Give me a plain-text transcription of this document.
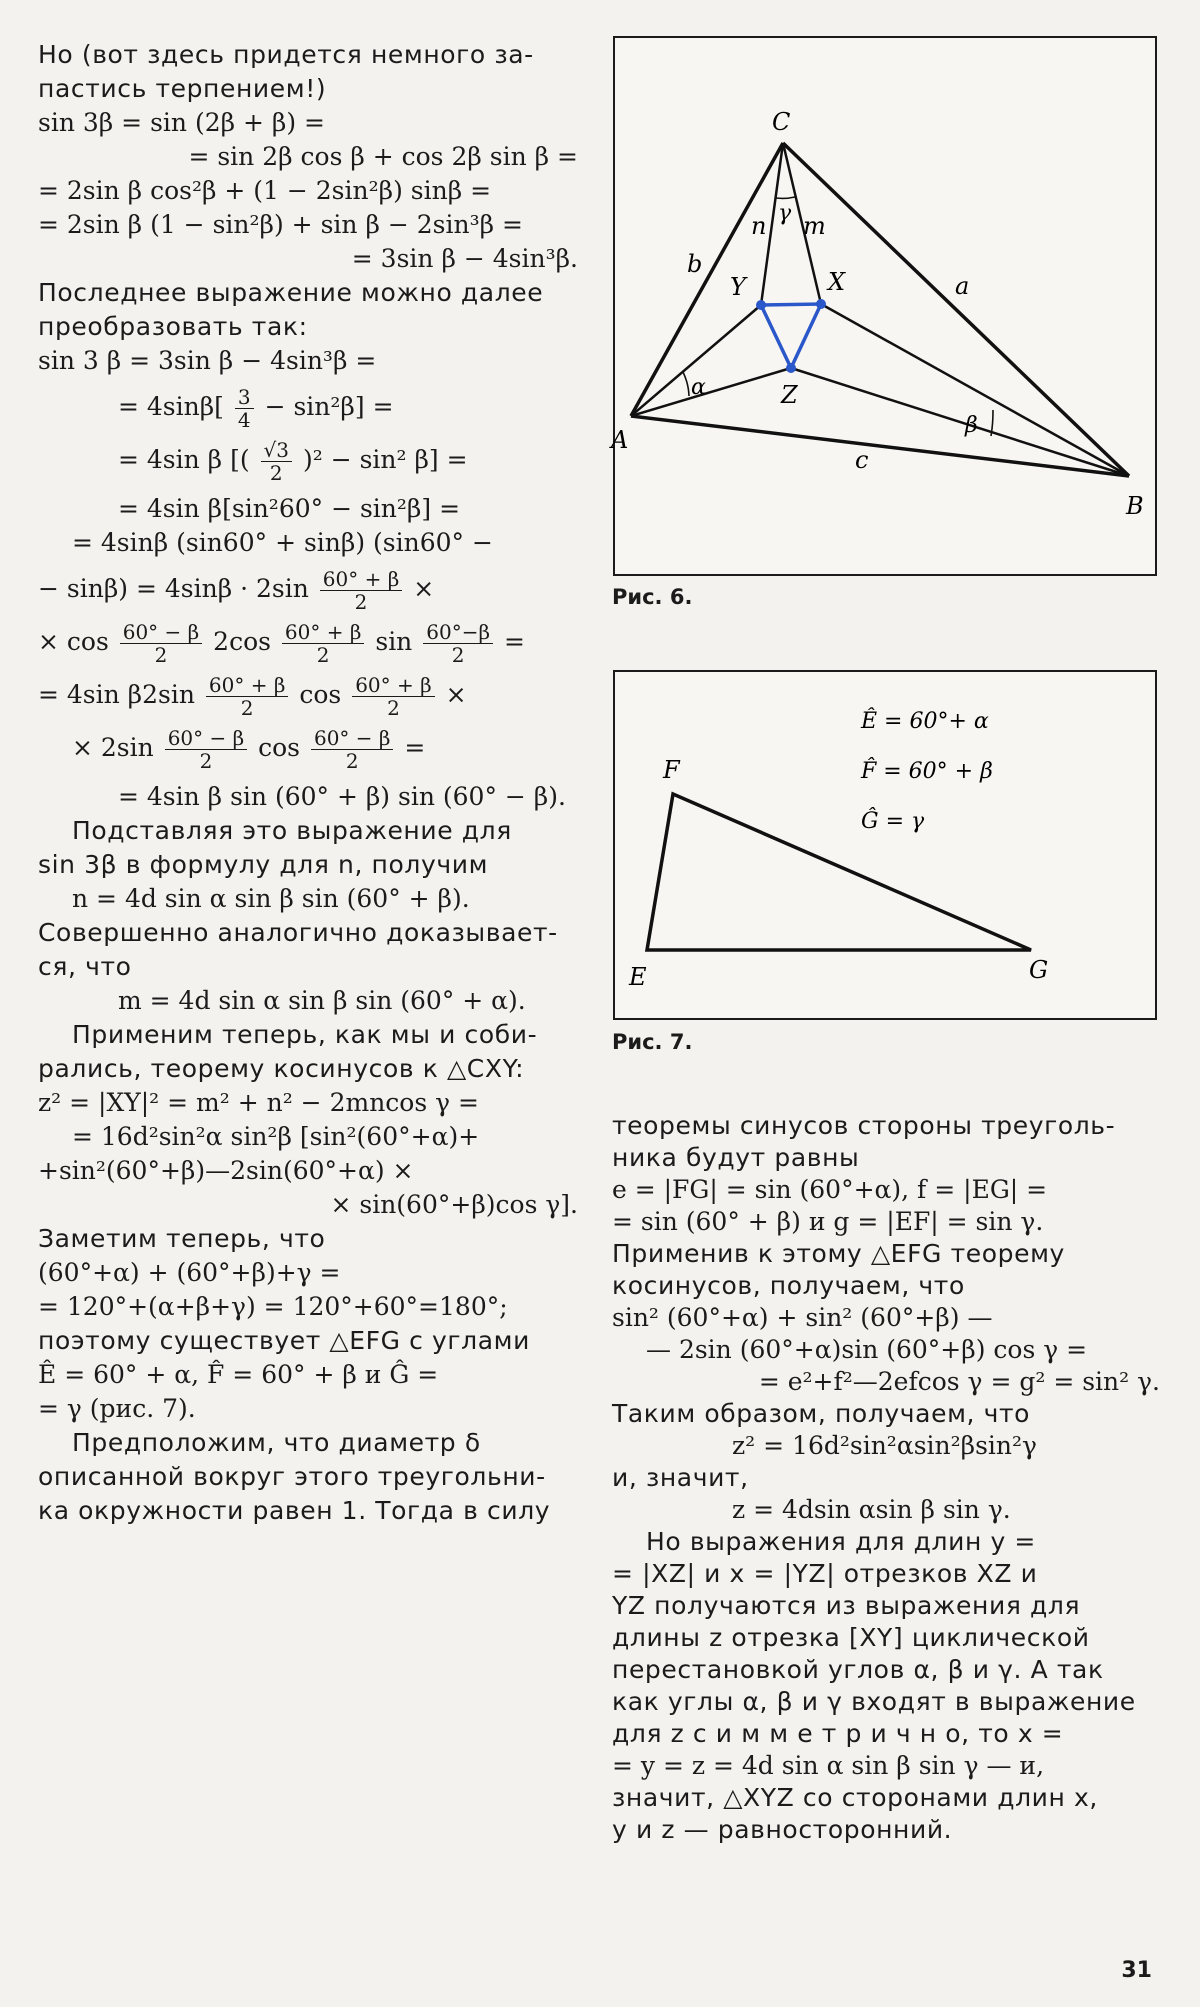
Но (вот здесь придется немного за-
пастись терпением!)
sin 3β = sin (2β + β) =
= sin 2β cos β + cos 2β sin β =
= 2sin β cos²β + (1 − 2sin²β) sinβ =
= 2sin β (1 − sin²β) + sin β − 2sin³β =
= 3sin β − 4sin³β.
Последнее выражение можно далее
преобразовать так:
sin 3 β = 3sin β − 4sin³β =
= $4\sin\beta[ \frac{3}{4} - \sin^2\beta]$ =
= 4sin β [( $\frac{√3}{2} )^2 - \sin^2$ β] =
= 4sin β[sin²60° − sin²β] =
= 4sinβ (sin60° + sinβ) (sin60° −
− $\sin\beta) = 4\sin\beta \cdot 2\sin \frac{60^\circ + \beta}{2}$ ×
× $\cos \frac{60^\circ - \beta}{2} 2\cos \frac{60^\circ + \beta}{2}$ $\sin \frac{60^\circ-\beta}{2}$ =
= 4sin $\beta 2\sin \frac{60^\circ + \beta}{2}$ $\cos \frac{60^\circ + \beta}{2}$ ×
× $2\sin \frac{60^\circ - \beta}{2}$ $\cos \frac{60^\circ - \beta}{2}$ =
= 4sin β sin (60° + β) sin (60° − β).
Подставляя это выражение для
sin 3β в формулу для n, получим
n = 4d sin α sin β sin (60° + β).
Совершенно аналогично доказывает-
ся, что
m = 4d sin α sin β sin (60° + α).
Применим теперь, как мы и соби-
рались, теорему косинусов к △CXY:
z² = |XY|² = m² + n² − 2mncos γ =
= 16d²sin²α sin²β [sin²(60°+α)+
+sin²(60°+β)—2sin(60°+α) ×
× sin(60°+β)cos γ].
Заметим теперь, что
(60°+α) + (60°+β)+γ =
= 120°+(α+β+γ) = 120°+60°=180°;
поэтому существует △EFG с углами
Ê = 60° + α, F̂ = 60° + β и Ĝ =
= γ (рис. 7).
Предположим, что диаметр δ
описанной вокруг этого треугольни-
ка окружности равен 1. Тогда в силу
C
A
B
X
Y
Z
a
b
c
n m
α
β
γ
Рис. 6.
F
E	G
Ê = 60°+ α
F̂ = 60° + β
Ĝ = γ
Рис. 7.
теоремы синусов стороны треуголь-
ника будут равны
e = |FG| = sin (60°+α), f = |EG| =
= sin (60° + β) и g = |EF| = sin γ.
Применив к этому △EFG теорему
косинусов, получаем, что
sin² (60°+α) + sin² (60°+β) —
— 2sin (60°+α)sin (60°+β) cos γ =
= e²+f²—2efcos γ = g² = sin² γ.
Таким образом, получаем, что
z² = 16d²sin²αsin²βsin²γ
и, значит,
z = 4dsin αsin β sin γ.
Но выражения для длин y =
= |XZ| и x = |YZ| отрезков XZ и
YZ получаются из выражения для
длины z отрезка [XY] циклической
перестановкой углов α, β и γ. А так
как углы α, β и γ входят в выражение
для z с и м м е т р и ч н о, то x =
= y = z = 4d sin α sin β sin γ — и,
значит, △XYZ со сторонами длин x,
y и z — равносторонний.
31
